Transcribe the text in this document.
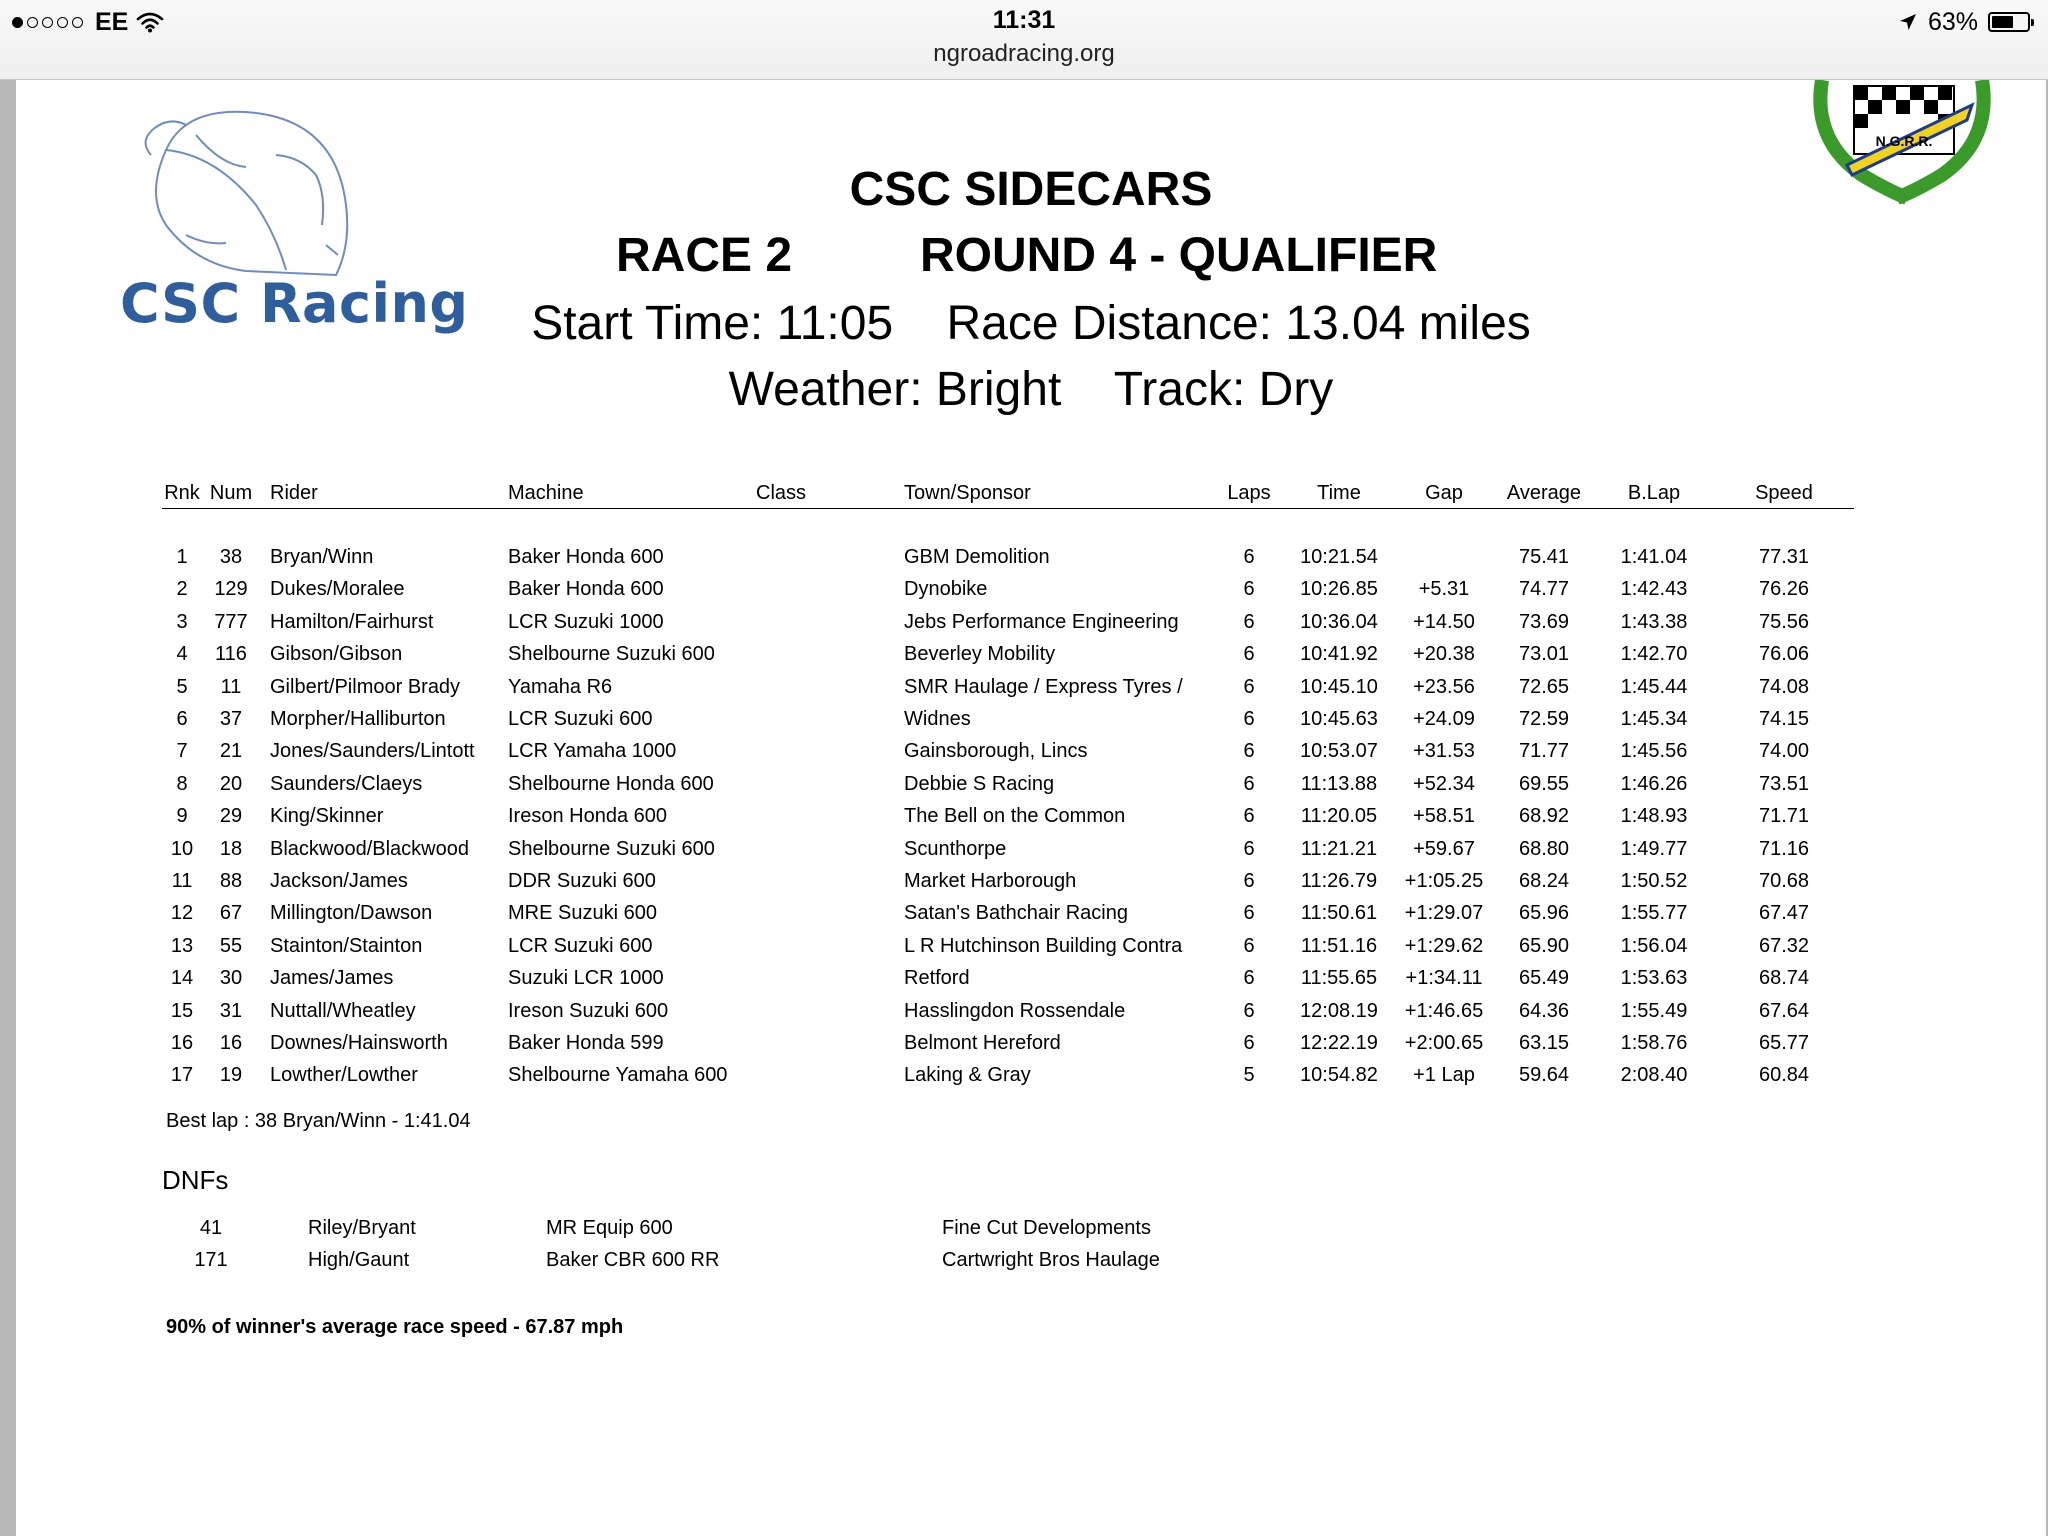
EE	11:31
ngroadracing.org
63%
CSC Racing
N.G.R.R.
CSC SIDECARS
RACE 2	ROUND 4 - QUALIFIER
Start Time: 11:05 Race Distance: 13.04 miles
Weather: Bright Track: Dry
Rnk	Num	Rider	Machine	Class	Town/Sponsor	Laps	Time	Gap	Average	B.Lap	Speed

1	38	Bryan/Winn	Baker Honda 600		GBM Demolition	6	10:21.54		75.41	1:41.04	77.31
2	129	Dukes/Moralee	Baker Honda 600		Dynobike	6	10:26.85	+5.31	74.77	1:42.43	76.26
3	777	Hamilton/Fairhurst	LCR Suzuki 1000		Jebs Performance Engineering	6	10:36.04	+14.50	73.69	1:43.38	75.56
4	116	Gibson/Gibson	Shelbourne Suzuki 600		Beverley Mobility	6	10:41.92	+20.38	73.01	1:42.70	76.06
5	11	Gilbert/Pilmoor Brady	Yamaha R6		SMR Haulage / Express Tyres /	6	10:45.10	+23.56	72.65	1:45.44	74.08
6	37	Morpher/Halliburton	LCR Suzuki 600		Widnes	6	10:45.63	+24.09	72.59	1:45.34	74.15
7	21	Jones/Saunders/Lintott	LCR Yamaha 1000		Gainsborough, Lincs	6	10:53.07	+31.53	71.77	1:45.56	74.00
8	20	Saunders/Claeys	Shelbourne Honda 600		Debbie S Racing	6	11:13.88	+52.34	69.55	1:46.26	73.51
9	29	King/Skinner	Ireson Honda 600		The Bell on the Common	6	11:20.05	+58.51	68.92	1:48.93	71.71
10	18	Blackwood/Blackwood	Shelbourne Suzuki 600		Scunthorpe	6	11:21.21	+59.67	68.80	1:49.77	71.16
11	88	Jackson/James	DDR Suzuki 600		Market Harborough	6	11:26.79	+1:05.25	68.24	1:50.52	70.68
12	67	Millington/Dawson	MRE Suzuki 600		Satan's Bathchair Racing	6	11:50.61	+1:29.07	65.96	1:55.77	67.47
13	55	Stainton/Stainton	LCR Suzuki 600		L R Hutchinson Building Contra	6	11:51.16	+1:29.62	65.90	1:56.04	67.32
14	30	James/James	Suzuki LCR 1000		Retford	6	11:55.65	+1:34.11	65.49	1:53.63	68.74
15	31	Nuttall/Wheatley	Ireson Suzuki 600		Hasslingdon Rossendale	6	12:08.19	+1:46.65	64.36	1:55.49	67.64
16	16	Downes/Hainsworth	Baker Honda 599		Belmont Hereford	6	12:22.19	+2:00.65	63.15	1:58.76	65.77
17	19	Lowther/Lowther	Shelbourne Yamaha 600		Laking & Gray	5	10:54.82	+1 Lap	59.64	2:08.40	60.84
Best lap : 38 Bryan/Winn - 1:41.04
DNFs
41		Riley/Bryant	MR Equip 600		Fine Cut Developments
171		High/Gaunt	Baker CBR 600 RR		Cartwright Bros Haulage
90% of winner's average race speed - 67.87 mph
